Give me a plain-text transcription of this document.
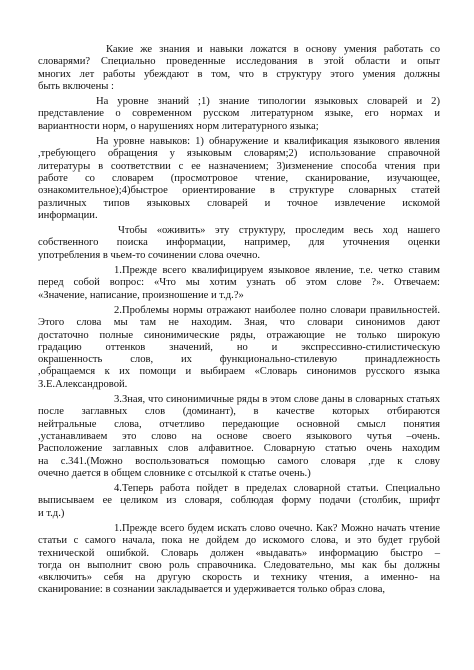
Какие же знания и навыки ложатся в основу умения работать со
словарями? Специально проведенные исследования в этой области и опыт
многих лет работы убеждают в том, что в структуру этого умения должны
быть включены :
На уровне знаний ;1) знание типологии языковых словарей и 2)
представление о современном русском литературном языке, его нормах и
вариантности норм, о нарушениях норм литературного языка;
На уровне навыков: 1) обнаружение и квалификация языкового явления
,требующего обращения у языковым словарям;2) использование справочной
литературы в соответствии с ее назначением; 3)изменение способа чтения при
работе со словарем (просмотровое чтение, сканирование, изучающее,
ознакомительное);4)быстрое ориентирование в структуре словарных статей
различных типов языковых словарей и точное извлечение искомой
информации.
Чтобы «оживить» эту структуру, проследим весь ход нашего
собственного поиска информации, например, для уточнения оценки
употребления в чьем-то сочинении слова очечно.
1.Прежде всего квалифицируем языковое явление, т.е. четко ставим
перед собой вопрос: «Что мы хотим узнать об этом слове ?». Отвечаем:
«Значение, написание, произношение и т.д.?»
2.Проблемы нормы отражают наиболее полно словари правильностей.
Этого слова мы там не находим. Зная, что словари синонимов дают
достаточно полные синонимические ряды, отражающие не только широкую
градацию оттенков значений, но и экспрессивно-стилистическую
окрашенность слов, их функционально-стилевую принадлежность
,обращаемся к их помощи и выбираем «Словарь синонимов русского языка
З.Е.Александровой.
3.Зная, что синонимичные ряды в этом слове даны в словарных статьях
после заглавных слов (доминант), в качестве которых отбираются
нейтральные слова, отчетливо передающие основной смысл понятия
,устанавливаем это слово на основе своего языкового чутья –очень.
Расположение заглавных слов алфавитное. Словарную статью очень находим
на с.341.(Можно воспользоваться помощью самого словаря ,где к слову
очечно дается в общем словнике с отсылкой к статье очень.)
4.Теперь работа пойдет в пределах словарной статьи. Специально
выписываем ее целиком из словаря, соблюдая форму подачи (столбик, шрифт
и т.д.)
1.Прежде всего будем искать слово очечно. Как? Можно начать чтение
статьи с самого начала, пока не дойдем до искомого слова, и это будет грубой
технической ошибкой. Словарь должен «выдавать» информацию быстро –
тогда он выполнит свою роль справочника. Следовательно, мы как бы должны
«включить» себя на другую скорость и технику чтения, а именно- на
сканирование: в сознании закладывается и удерживается только образ слова,
